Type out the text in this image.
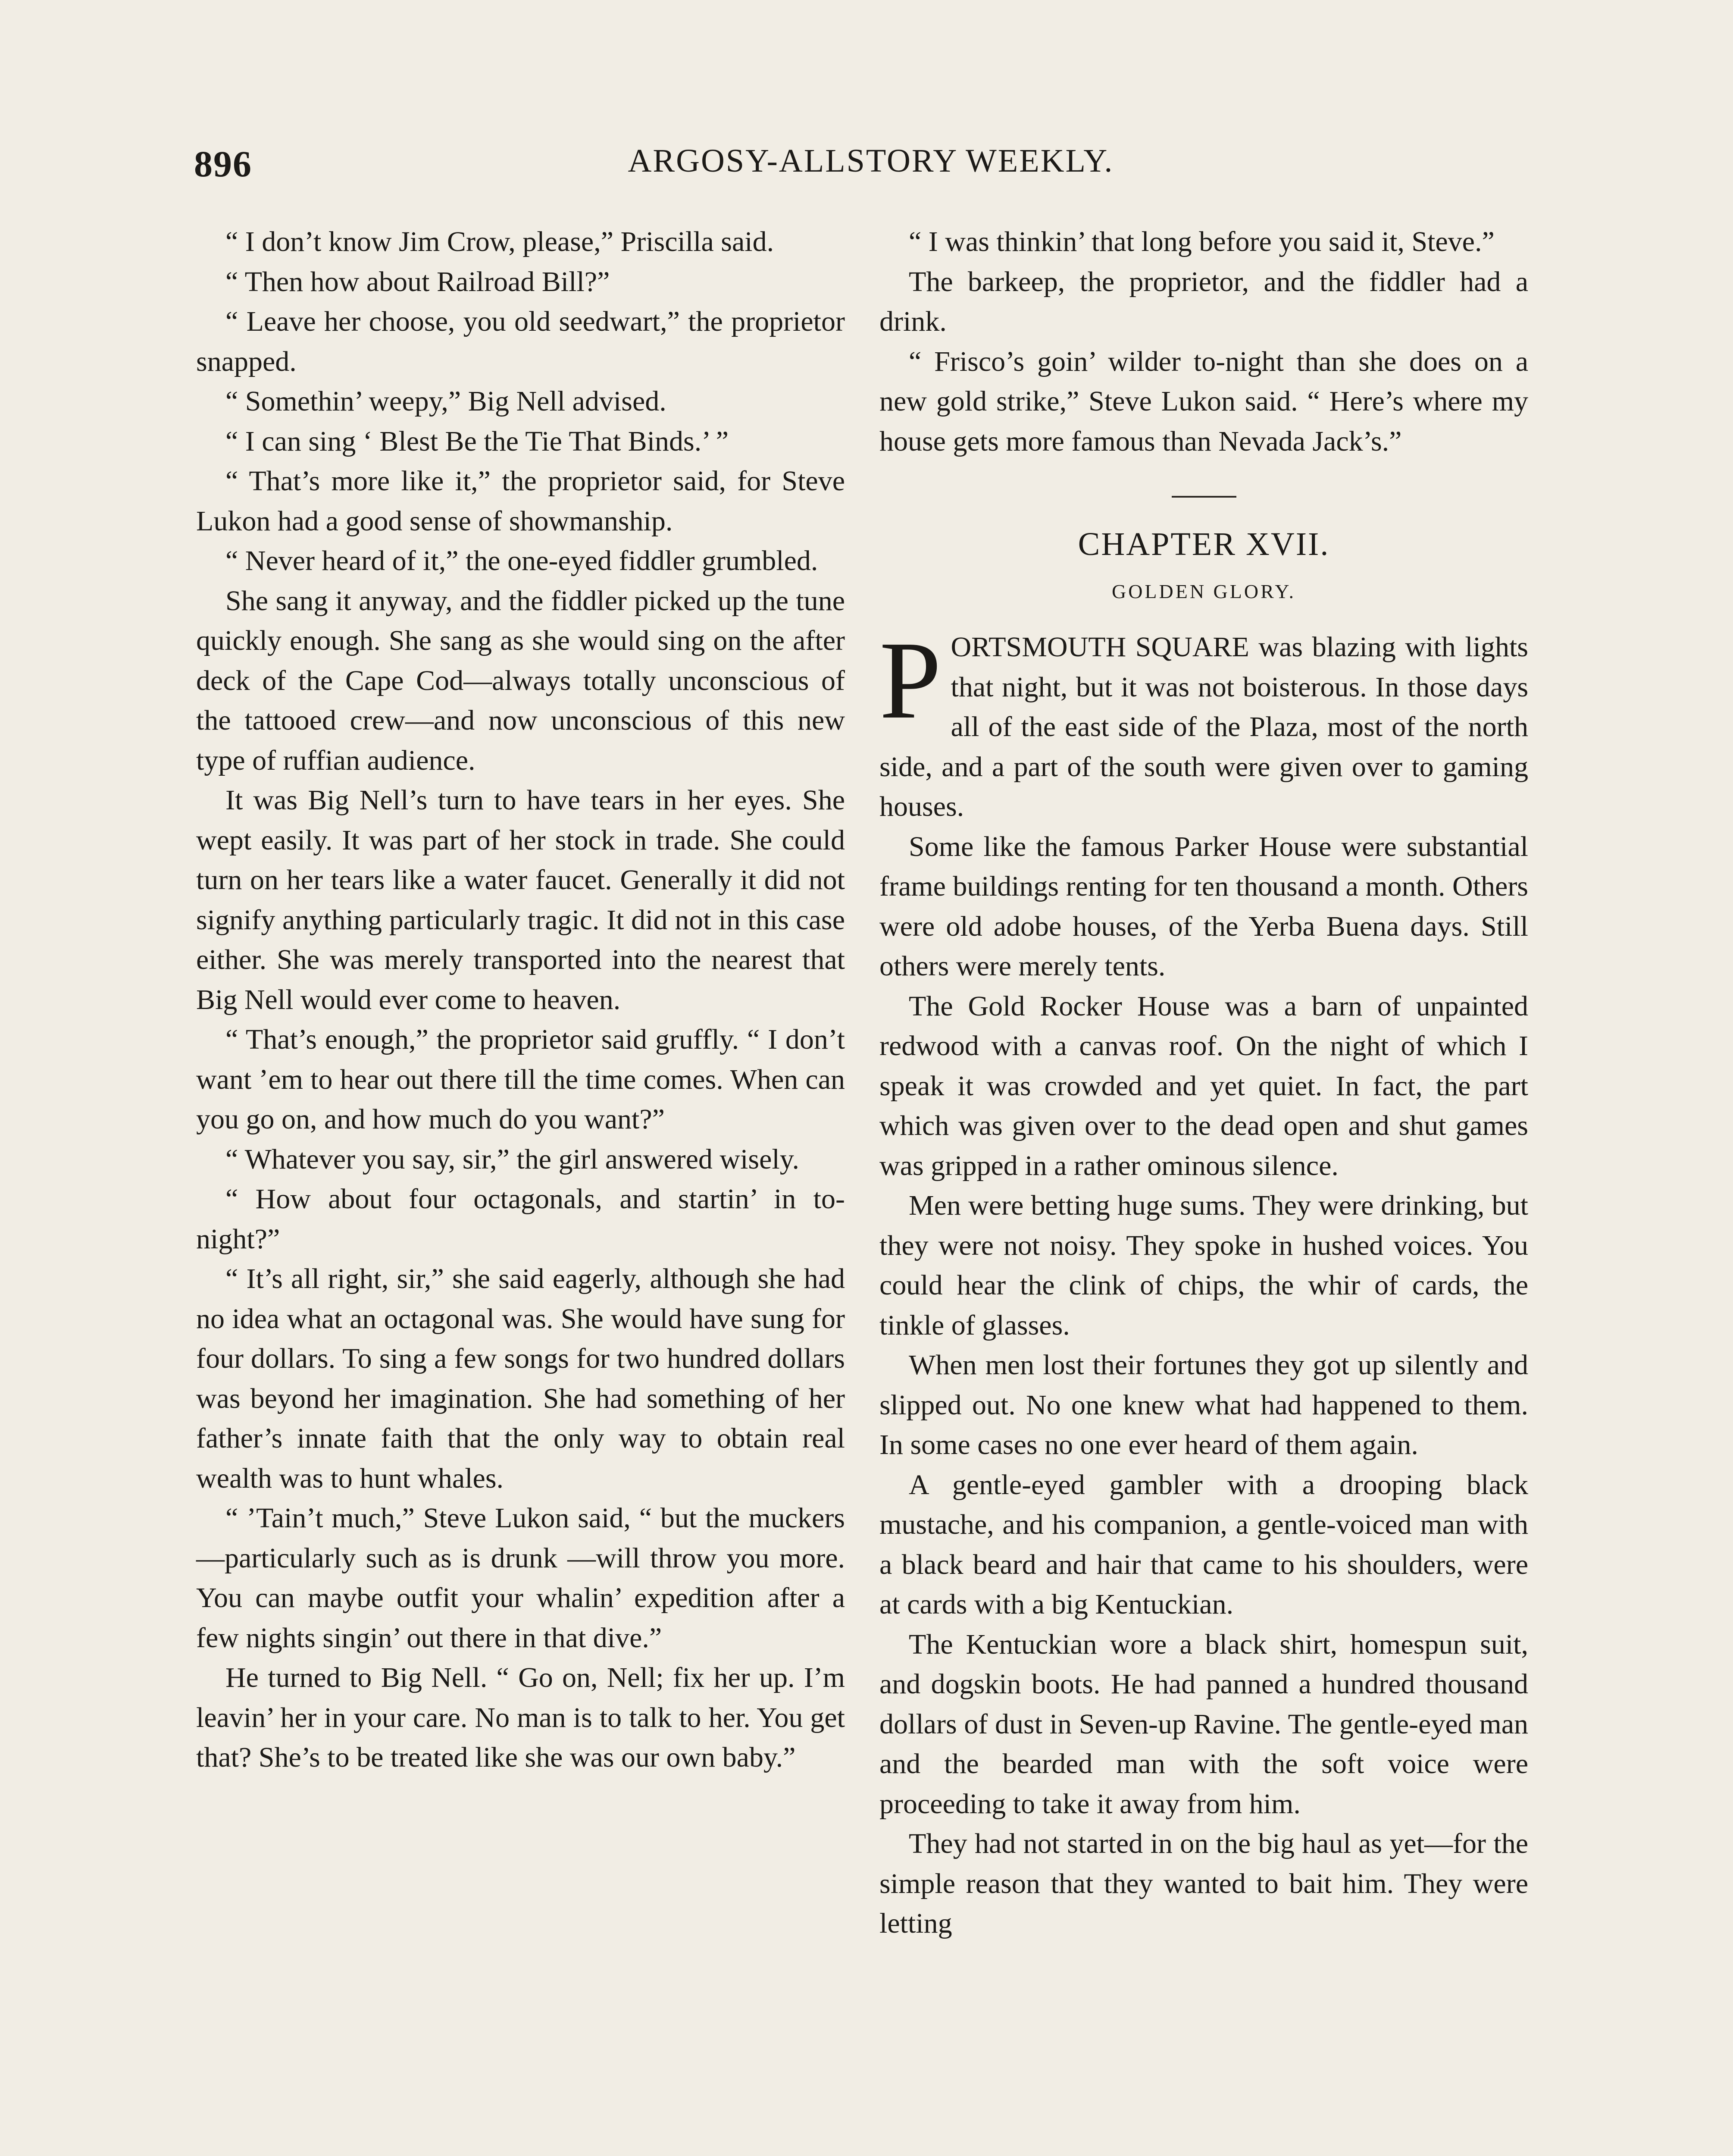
896	ARGOSY-ALLSTORY WEEKLY.

“ I don’t know Jim Crow, please,” Priscilla said.

“ Then how about Railroad Bill?”

“ Leave her choose, you old seedwart,” the proprietor snapped.

“ Somethin’ weepy,” Big Nell advised.

“ I can sing ‘ Blest Be the Tie That Binds.’ ”

“ That’s more like it,” the proprietor said, for Steve Lukon had a good sense of showmanship.

“ Never heard of it,” the one-eyed fiddler grumbled.

She sang it anyway, and the fiddler picked up the tune quickly enough. She sang as she would sing on the after deck of the Cape Cod—always totally unconscious of the tattooed crew—and now unconscious of this new type of ruffian audience.

It was Big Nell’s turn to have tears in her eyes. She wept easily. It was part of her stock in trade. She could turn on her tears like a water faucet. Generally it did not signify anything particularly tragic. It did not in this case either. She was merely transported into the nearest that Big Nell would ever come to heaven.

“ That’s enough,” the proprietor said gruffly. “ I don’t want ’em to hear out there till the time comes. When can you go on, and how much do you want?”

“ Whatever you say, sir,” the girl answered wisely.

“ How about four octagonals, and startin’ in to-night?”

“ It’s all right, sir,” she said eagerly, although she had no idea what an octagonal was. She would have sung for four dollars. To sing a few songs for two hundred dollars was beyond her imagination. She had something of her father’s innate faith that the only way to obtain real wealth was to hunt whales.

“ ’Tain’t much,” Steve Lukon said, “ but the muckers—particularly such as is drunk —will throw you more. You can maybe outfit your whalin’ expedition after a few nights singin’ out there in that dive.”

He turned to Big Nell. “ Go on, Nell; fix her up. I’m leavin’ her in your care. No man is to talk to her. You get that? She’s to be treated like she was our own baby.”

“ I was thinkin’ that long before you said it, Steve.”

The barkeep, the proprietor, and the fiddler had a drink.

“ Frisco’s goin’ wilder to-night than she does on a new gold strike,” Steve Lukon said. “ Here’s where my house gets more famous than Nevada Jack’s.”

CHAPTER XVII.
GOLDEN GLORY.

PORTSMOUTH SQUARE was blazing with lights that night, but it was not boisterous. In those days all of the east side of the Plaza, most of the north side, and a part of the south were given over to gaming houses.

Some like the famous Parker House were substantial frame buildings renting for ten thousand a month. Others were old adobe houses, of the Yerba Buena days. Still others were merely tents.

The Gold Rocker House was a barn of unpainted redwood with a canvas roof. On the night of which I speak it was crowded and yet quiet. In fact, the part which was given over to the dead open and shut games was gripped in a rather ominous silence.

Men were betting huge sums. They were drinking, but they were not noisy. They spoke in hushed voices. You could hear the clink of chips, the whir of cards, the tinkle of glasses.

When men lost their fortunes they got up silently and slipped out. No one knew what had happened to them. In some cases no one ever heard of them again.

A gentle-eyed gambler with a drooping black mustache, and his companion, a gentle-voiced man with a black beard and hair that came to his shoulders, were at cards with a big Kentuckian.

The Kentuckian wore a black shirt, homespun suit, and dogskin boots. He had panned a hundred thousand dollars of dust in Seven-up Ravine. The gentle-eyed man and the bearded man with the soft voice were proceeding to take it away from him.

They had not started in on the big haul as yet—for the simple reason that they wanted to bait him. They were letting
